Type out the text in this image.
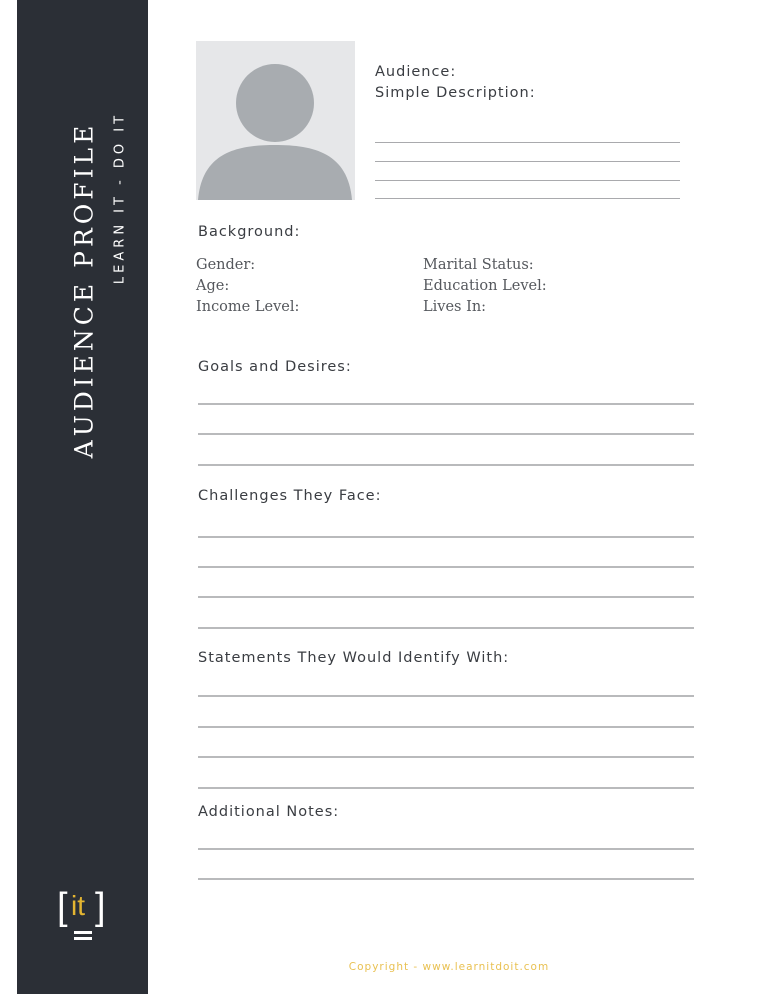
AUDIENCE PROFILE LEARN IT - DO IT
[ it ]
Audience:
Simple Description:
Background:
Gender:
Age:
Income Level:
Marital Status:
Education Level:
Lives In:
Goals and Desires:
Challenges They Face:
Statements They Would Identify With:
Additional Notes:
Copyright - www.learnitdoit.com
